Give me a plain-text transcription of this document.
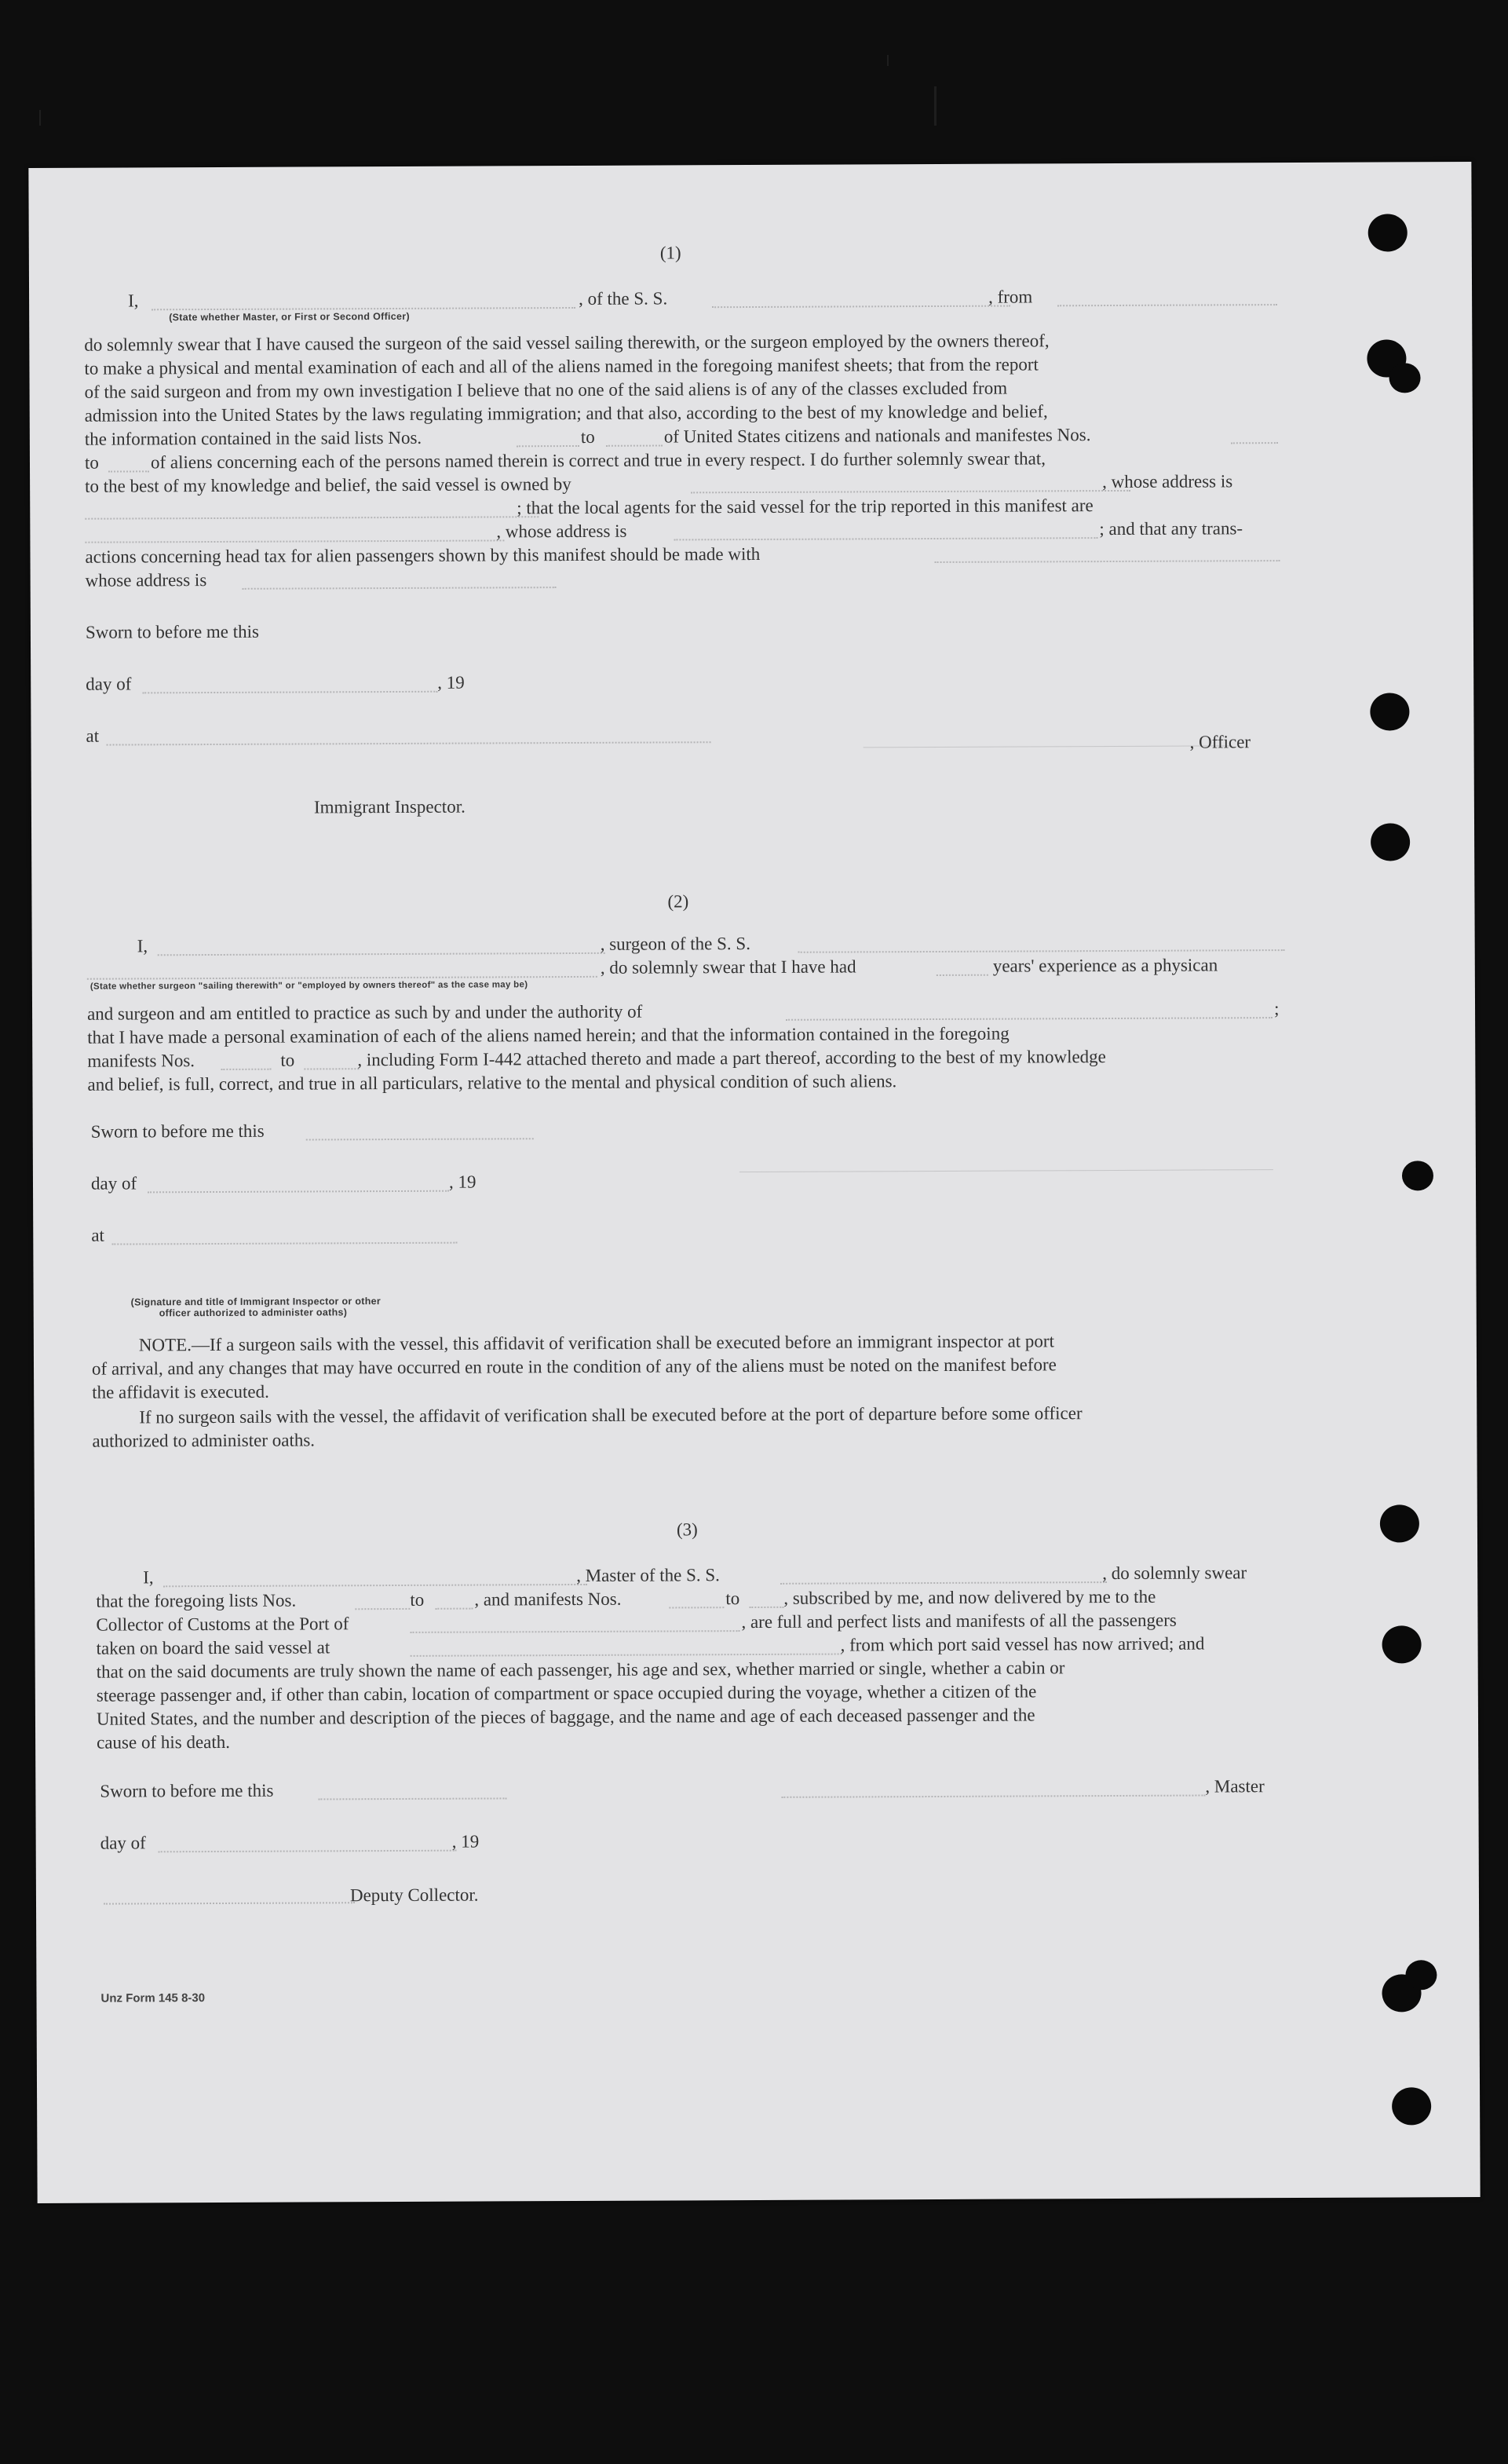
(1)
I,	, of the S. S.	, from
(State whether Master, or First or Second Officer)
do solemnly swear that I have caused the surgeon of the said vessel sailing therewith, or the surgeon employed by the owners thereof,
to make a physical and mental examination of each and all of the aliens named in the foregoing manifest sheets; that from the report
of the said surgeon and from my own investigation I believe that no one of the said aliens is of any of the classes excluded from
admission into the United States by the laws regulating immigration; and that also, according to the best of my knowledge and belief,
the information contained in the said lists Nos.	to	of United States citizens and nationals and manifestes Nos.
to	of aliens concerning each of the persons named therein is correct and true in every respect. I do further solemnly swear that,
to the best of my knowledge and belief, the said vessel is owned by	, whose address is
; that the local agents for the said vessel for the trip reported in this manifest are
, whose address is	; and that any trans-
actions concerning head tax for alien passengers shown by this manifest should be made with
whose address is
Sworn to before me this
day of	, 19
at	, Officer
Immigrant Inspector.
(2)
I,	, surgeon of the S. S.
, do solemnly swear that I have had	years' experience as a physican
(State whether surgeon "sailing therewith" or "employed by owners thereof" as the case may be)
and surgeon and am entitled to practice as such by and under the authority of	;
that I have made a personal examination of each of the aliens named herein; and that the information contained in the foregoing
manifests Nos.	to	, including Form I-442 attached thereto and made a part thereof, according to the best of my knowledge
and belief, is full, correct, and true in all particulars, relative to the mental and physical condition of such aliens.
Sworn to before me this
day of	, 19
at
(Signature and title of Immigrant Inspector or other
officer authorized to administer oaths)
NOTE.—If a surgeon sails with the vessel, this affidavit of verification shall be executed before an immigrant inspector at port
of arrival, and any changes that may have occurred en route in the condition of any of the aliens must be noted on the manifest before
the affidavit is executed.
If no surgeon sails with the vessel, the affidavit of verification shall be executed before at the port of departure before some officer
authorized to administer oaths.
(3)
I,	, Master of the S. S.	, do solemnly swear
that the foregoing lists Nos.	to	, and manifests Nos.	to , subscribed by me, and now delivered by me to the
Collector of Customs at the Port of	, are full and perfect lists and manifests of all the passengers
taken on board the said vessel at	, from which port said vessel has now arrived; and
that on the said documents are truly shown the name of each passenger, his age and sex, whether married or single, whether a cabin or
steerage passenger and, if other than cabin, location of compartment or space occupied during the voyage, whether a citizen of the
United States, and the number and description of the pieces of baggage, and the name and age of each deceased passenger and the
cause of his death.
Sworn to before me this	, Master
day of	, 19
Deputy Collector.
Unz Form 145 8-30
